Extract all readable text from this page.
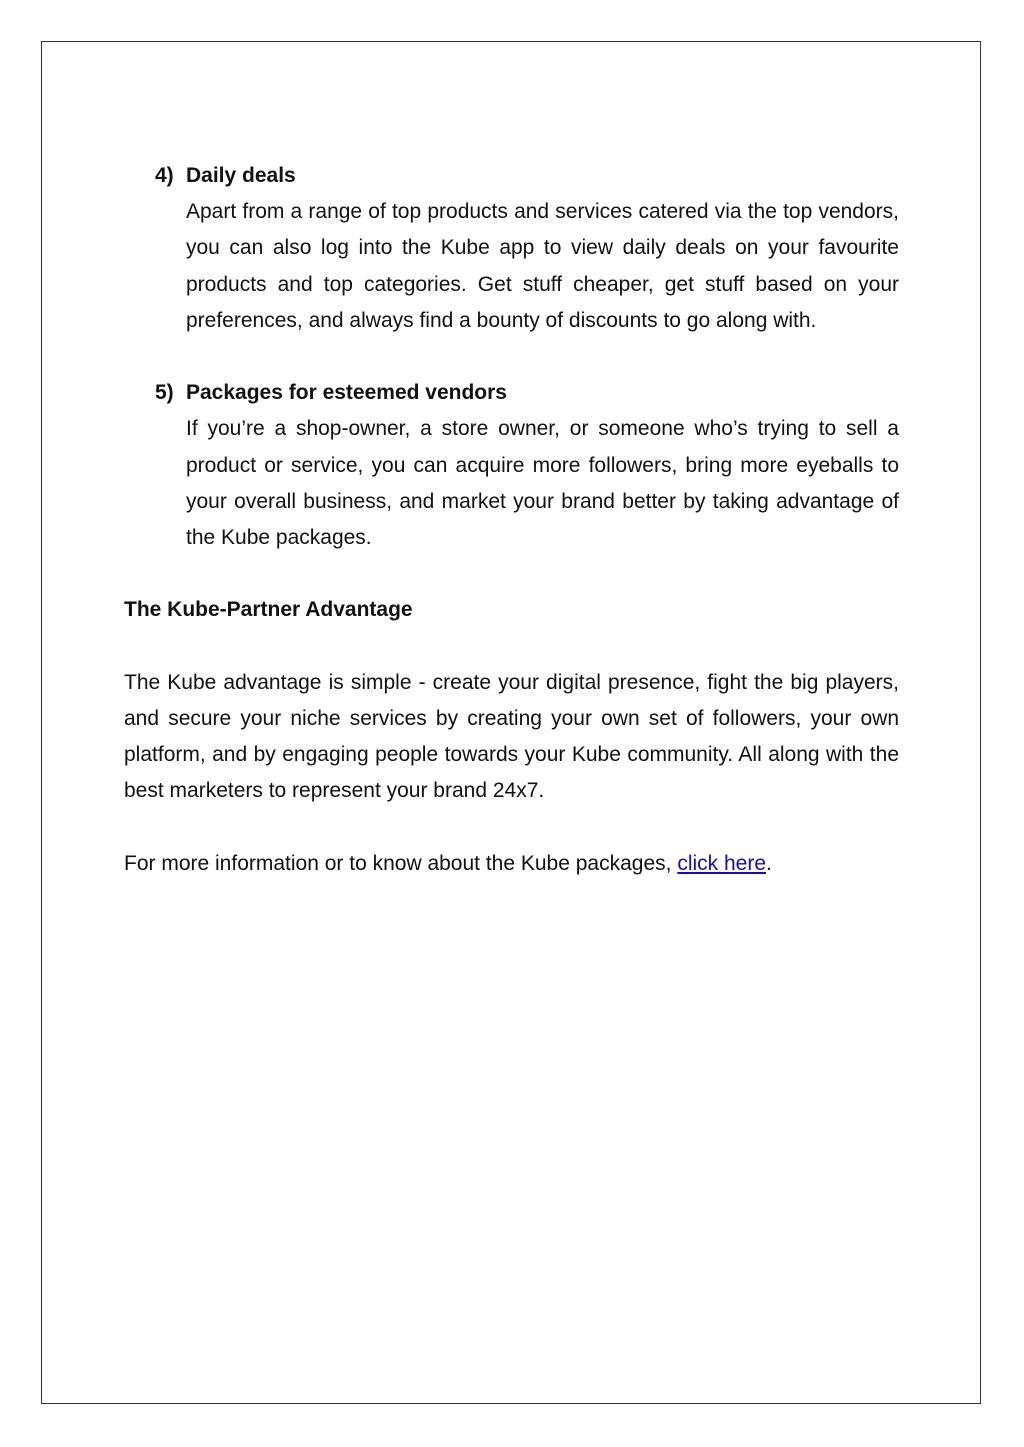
4) Daily deals

Apart from a range of top products and services catered via the top vendors, you can also log into the Kube app to view daily deals on your favourite products and top categories. Get stuff cheaper, get stuff based on your preferences, and always find a bounty of discounts to go along with.

5) Packages for esteemed vendors

If you’re a shop-owner, a store owner, or someone who’s trying to sell a product or service, you can acquire more followers, bring more eyeballs to your overall business, and market your brand better by taking advantage of the Kube packages.

The Kube-Partner Advantage

The Kube advantage is simple - create your digital presence, fight the big players, and secure your niche services by creating your own set of followers, your own platform, and by engaging people towards your Kube community. All along with the best marketers to represent your brand 24x7.

For more information or to know about the Kube packages, click here.
